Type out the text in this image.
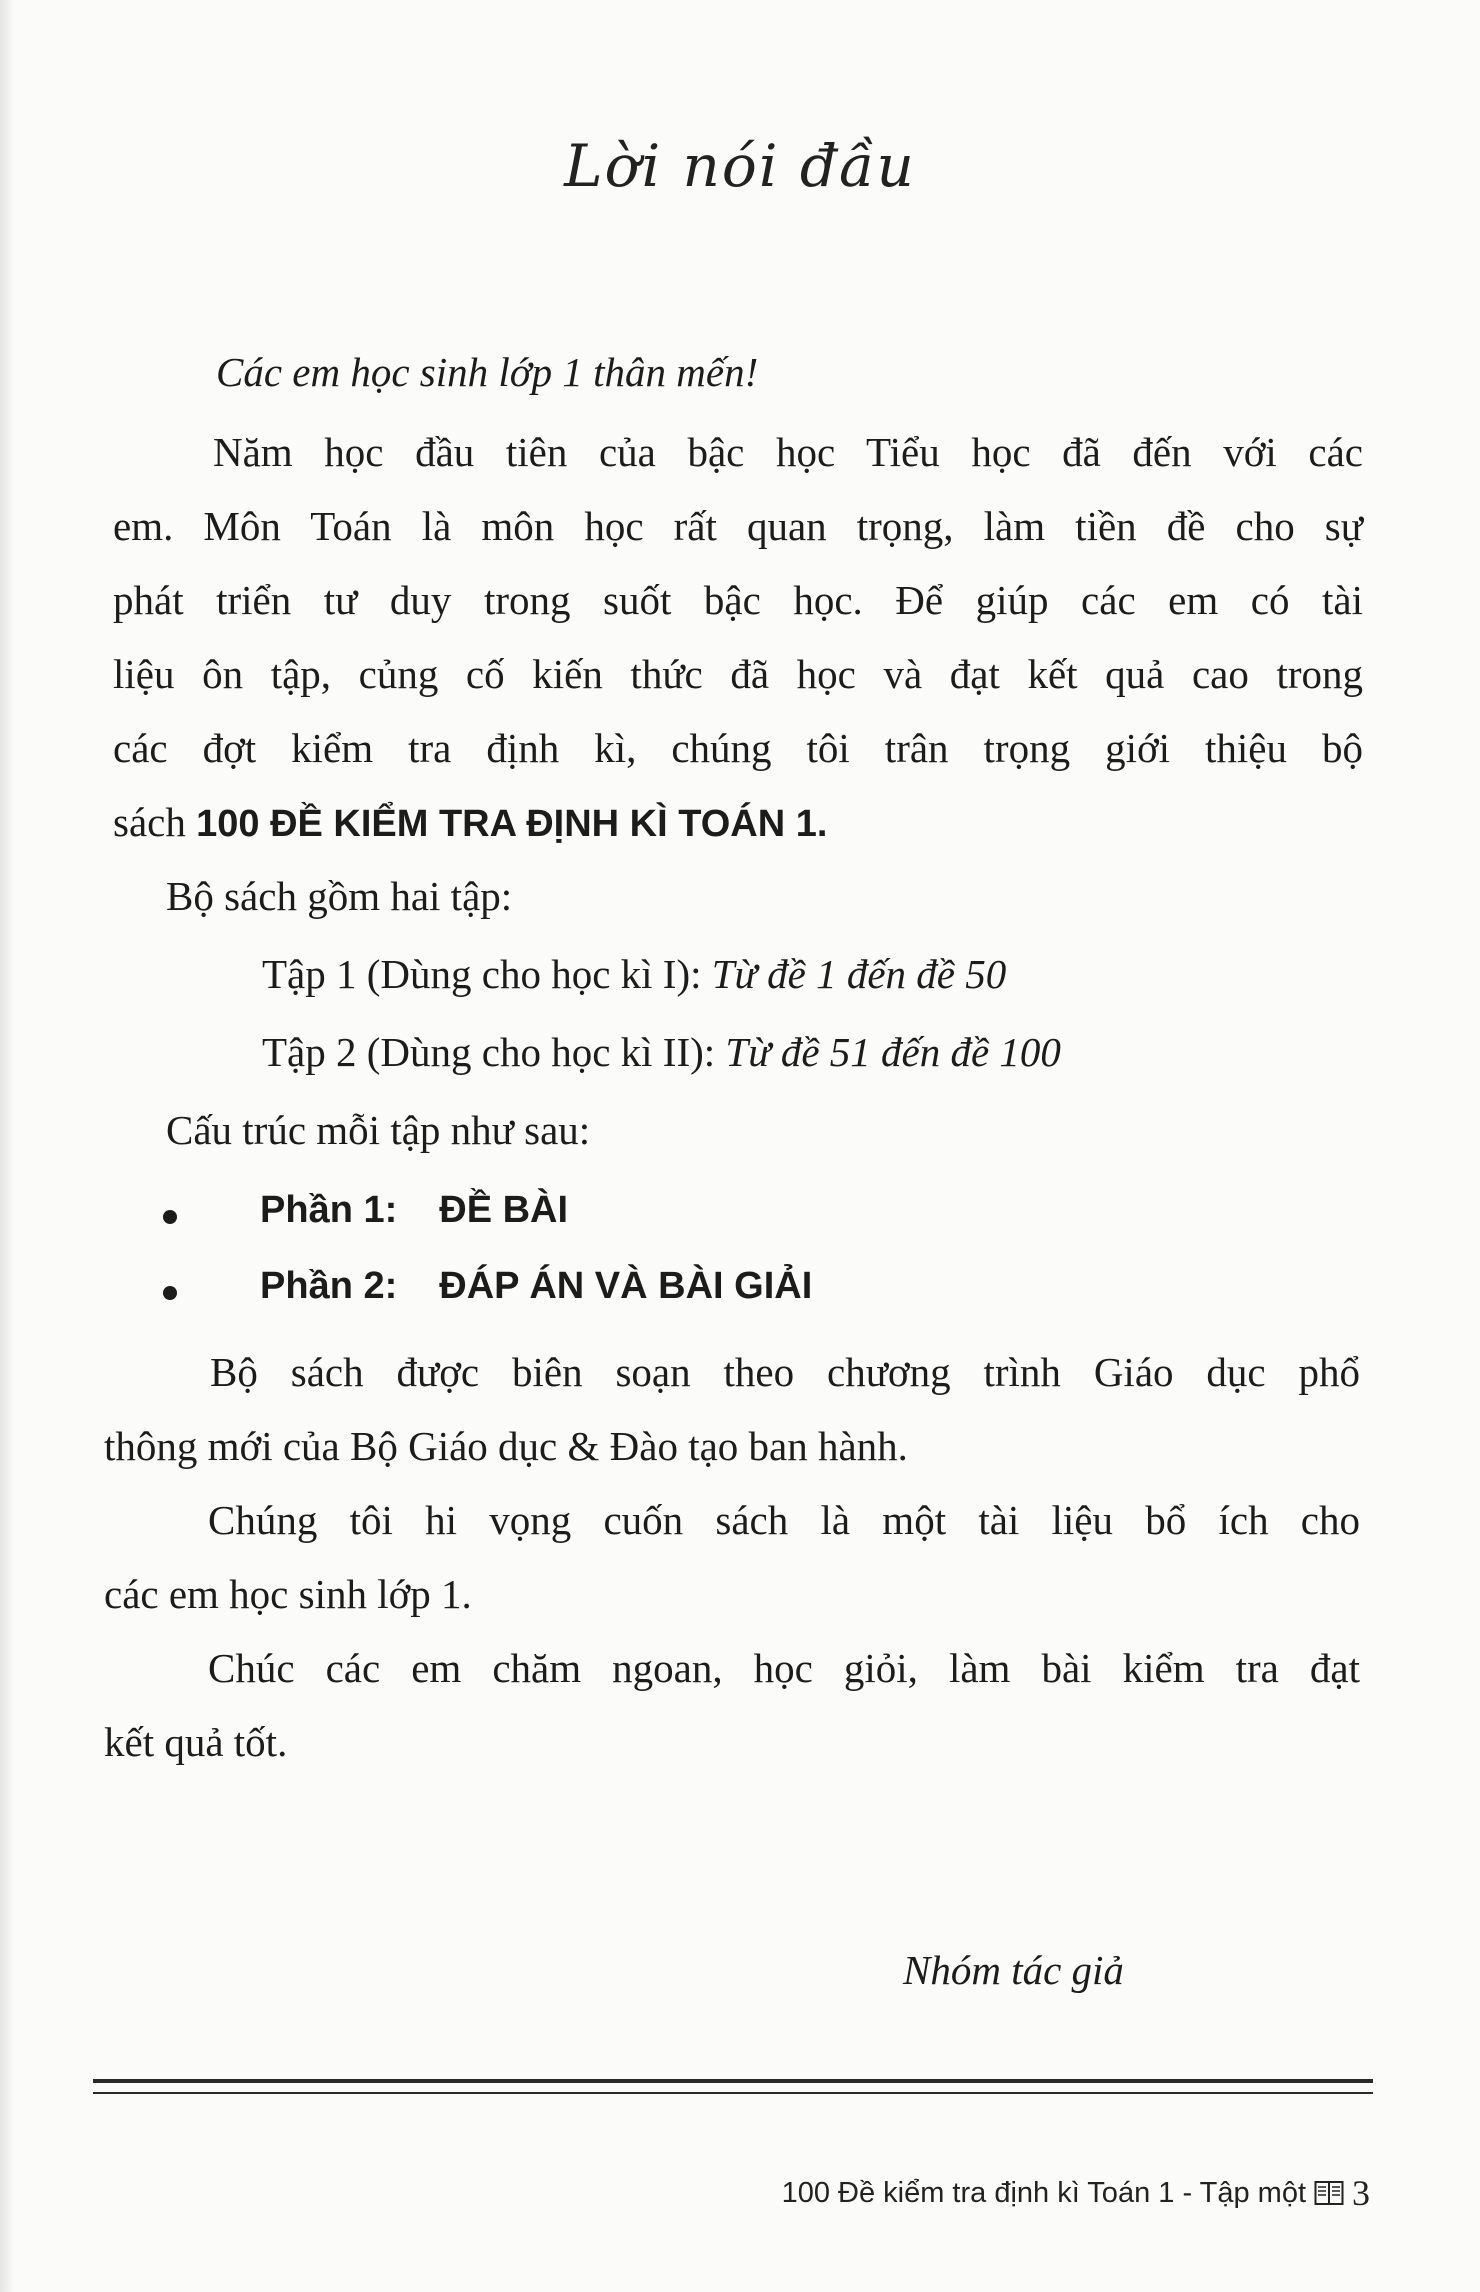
Lời nói đầu
Các em học sinh lớp 1 thân mến!
Năm học đầu tiên của bậc học Tiểu học đã đến với các
em. Môn Toán là môn học rất quan trọng, làm tiền đề cho sự
phát triển tư duy trong suốt bậc học. Để giúp các em có tài
liệu ôn tập, củng cố kiến thức đã học và đạt kết quả cao trong
các đợt kiểm tra định kì, chúng tôi trân trọng giới thiệu bộ
sách 100 ĐỀ KIỂM TRA ĐỊNH KÌ TOÁN 1.
Bộ sách gồm hai tập:
Tập 1 (Dùng cho học kì I): Từ đề 1 đến đề 50
Tập 2 (Dùng cho học kì II): Từ đề 51 đến đề 100
Cấu trúc mỗi tập như sau:
Phần 1: ĐỀ BÀI
Phần 2: ĐÁP ÁN VÀ BÀI GIẢI
Bộ sách được biên soạn theo chương trình Giáo dục phổ
thông mới của Bộ Giáo dục & Đào tạo ban hành.
Chúng tôi hi vọng cuốn sách là một tài liệu bổ ích cho
các em học sinh lớp 1.
Chúc các em chăm ngoan, học giỏi, làm bài kiểm tra đạt
kết quả tốt.
Nhóm tác giả
100 Đề kiểm tra định kì Toán 1 - Tập một 3
